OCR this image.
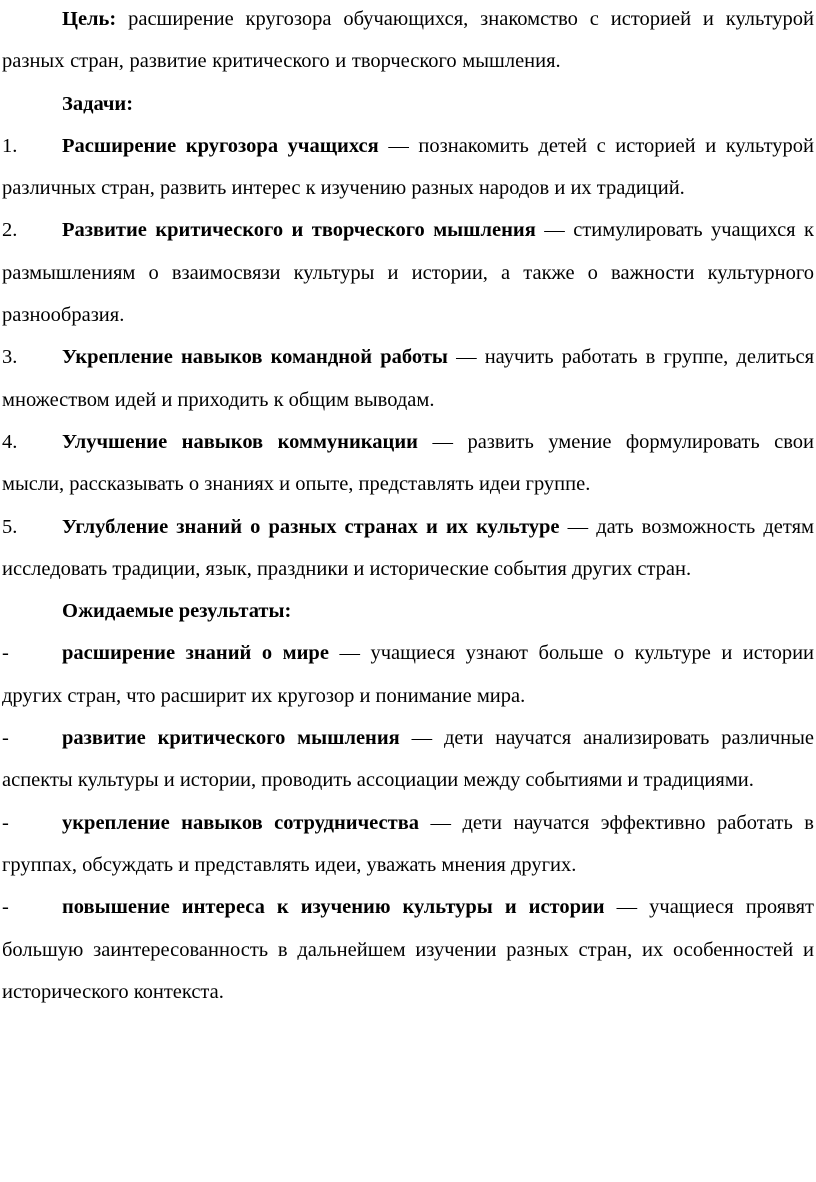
Цель: расширение кругозора обучающихся, знакомство с историей и культурой разных стран, развитие критического и творческого мышления.

Задачи:

1. Расширение кругозора учащихся — познакомить детей с историей и культурой различных стран, развить интерес к изучению разных народов и их традиций.

2. Развитие критического и творческого мышления — стимулировать учащихся к размышлениям о взаимосвязи культуры и истории, а также о важности культурного разнообразия.

3. Укрепление навыков командной работы — научить работать в группе, делиться множеством идей и приходить к общим выводам.

4. Улучшение навыков коммуникации — развить умение формулировать свои мысли, рассказывать о знаниях и опыте, представлять идеи группе.

5. Углубление знаний о разных странах и их культуре — дать возможность детям исследовать традиции, язык, праздники и исторические события других стран.

Ожидаемые результаты:

-	расширение знаний о мире — учащиеся узнают больше о культуре и истории других стран, что расширит их кругозор и понимание мира.

-	развитие критического мышления — дети научатся анализировать различные аспекты культуры и истории, проводить ассоциации между событиями и традициями.

-	укрепление навыков сотрудничества — дети научатся эффективно работать в группах, обсуждать и представлять идеи, уважать мнения других.

-	повышение интереса к изучению культуры и истории — учащиеся проявят большую заинтересованность в дальнейшем изучении разных стран, их особенностей и исторического контекста.
